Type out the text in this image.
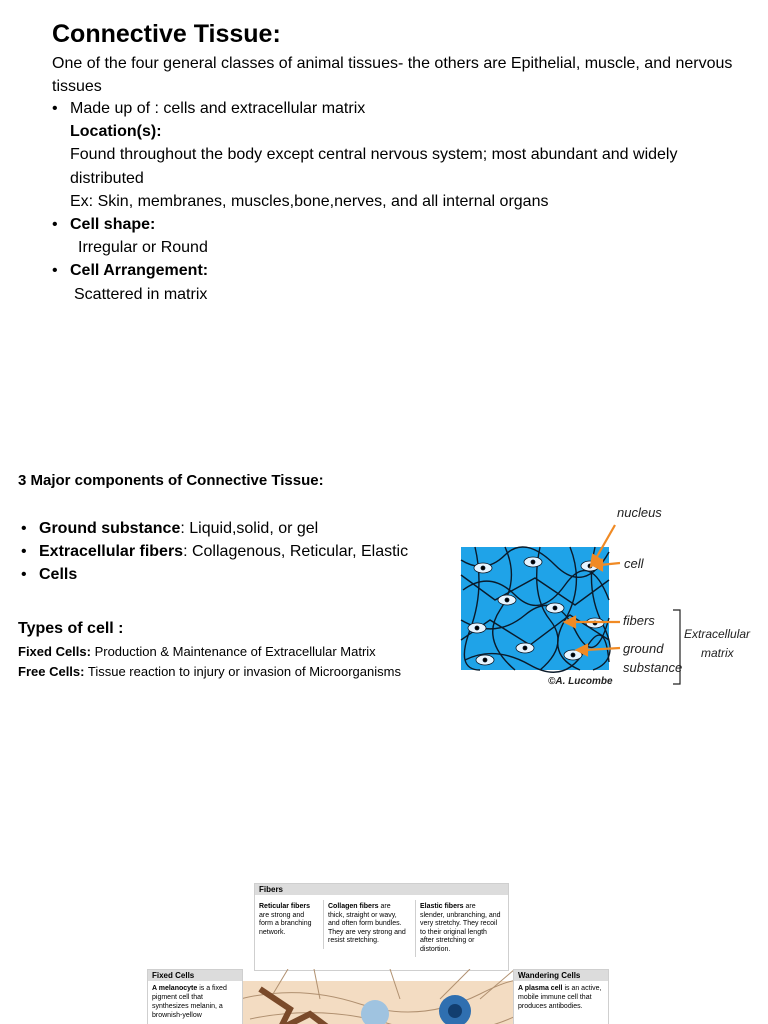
Connective Tissue:
One of the four general classes of animal tissues- the others are Epithelial, muscle, and nervous tissues
• Made up of : cells and extracellular matrix
Location(s):
Found throughout the body except central nervous system; most abundant and widely distributed
Ex: Skin, membranes, muscles,bone,nerves, and all internal organs
• Cell shape:
Irregular or Round
• Cell Arrangement:
Scattered in matrix
3 Major components of Connective Tissue:
• Ground substance: Liquid,solid, or gel
• Extracellular fibers: Collagenous, Reticular, Elastic
• Cells
Types of cell :
Fixed Cells: Production & Maintenance of Extracellular Matrix
Free Cells: Tissue reaction to injury or invasion of Microorganisms
nucleus
cell
fibers
ground
substance
Extracellular
matrix
©A. Lucombe
Fibers
Reticular fibers are strong and form a branching network.
Collagen fibers are thick, straight or wavy, and often form bundles. They are very strong and resist stretching.
Elastic fibers are slender, unbranching, and very stretchy. They recoil to their original length after stretching or distortion.
Fixed Cells
A melanocyte is a fixed pigment cell that synthesizes melanin, a brownish-yellow
Wandering Cells
A plasma cell is an active, mobile immune cell that produces antibodies.
